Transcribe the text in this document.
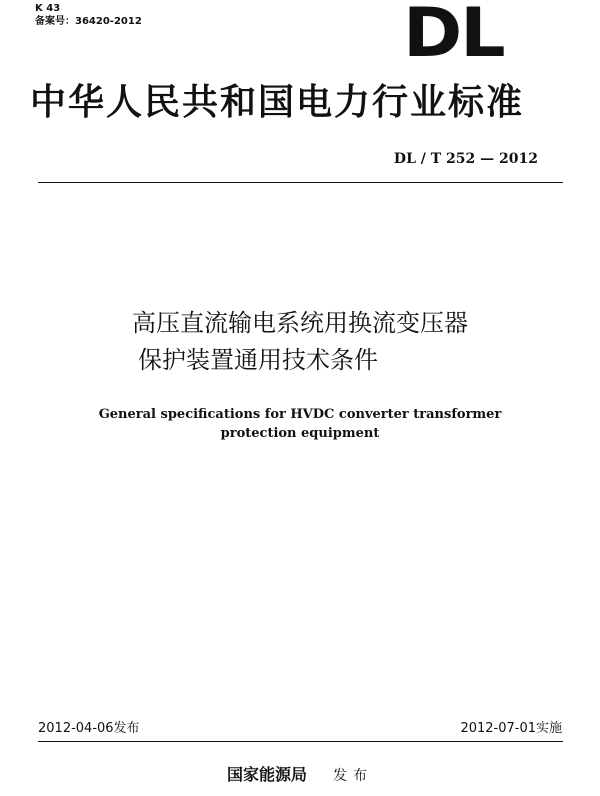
K 43
备案号：36420-2012	DL
中华人民共和国电力行业标准
DL / T 252 — 2012
高压直流输电系统用换流变压器
保护装置通用技术条件
General specifications for HVDC converter transformer
protection equipment
2012-04-06发布	2012-07-01实施
国家能源局 发布
